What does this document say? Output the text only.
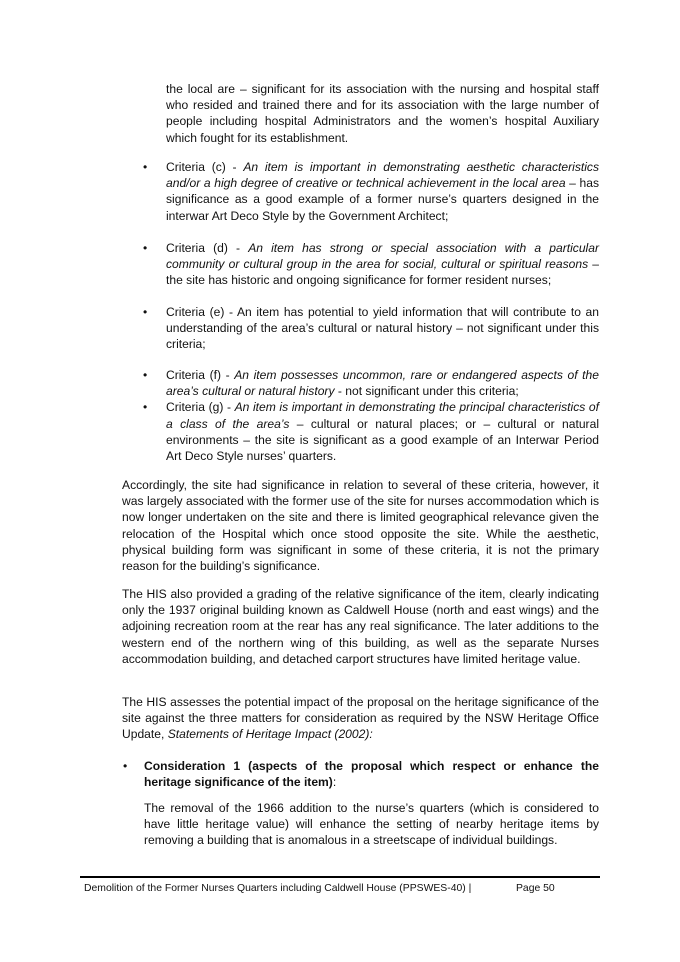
the local are – significant for its association with the nursing and hospital staff who resided and trained there and for its association with the large number of people including hospital Administrators and the women’s hospital Auxiliary which fought for its establishment.

• Criteria (c) - An item is important in demonstrating aesthetic characteristics and/or a high degree of creative or technical achievement in the local area – has significance as a good example of a former nurse’s quarters designed in the interwar Art Deco Style by the Government Architect;
• Criteria (d) - An item has strong or special association with a particular community or cultural group in the area for social, cultural or spiritual reasons – the site has historic and ongoing significance for former resident nurses;
• Criteria (e) - An item has potential to yield information that will contribute to an understanding of the area’s cultural or natural history – not significant under this criteria;
• Criteria (f) - An item possesses uncommon, rare or endangered aspects of the area’s cultural or natural history - not significant under this criteria;
• Criteria (g) - An item is important in demonstrating the principal characteristics of a class of the area’s – cultural or natural places; or – cultural or natural environments – the site is significant as a good example of an Interwar Period Art Deco Style nurses’ quarters.

Accordingly, the site had significance in relation to several of these criteria, however, it was largely associated with the former use of the site for nurses accommodation which is now longer undertaken on the site and there is limited geographical relevance given the relocation of the Hospital which once stood opposite the site. While the aesthetic, physical building form was significant in some of these criteria, it is not the primary reason for the building’s significance.

The HIS also provided a grading of the relative significance of the item, clearly indicating only the 1937 original building known as Caldwell House (north and east wings) and the adjoining recreation room at the rear has any real significance. The later additions to the western end of the northern wing of this building, as well as the separate Nurses accommodation building, and detached carport structures have limited heritage value.

The HIS assesses the potential impact of the proposal on the heritage significance of the site against the three matters for consideration as required by the NSW Heritage Office Update, Statements of Heritage Impact (2002):

• Consideration 1 (aspects of the proposal which respect or enhance the heritage significance of the item):
The removal of the 1966 addition to the nurse’s quarters (which is considered to have little heritage value) will enhance the setting of nearby heritage items by removing a building that is anomalous in a streetscape of individual buildings.
Demolition of the Former Nurses Quarters including Caldwell House (PPSWES-40) |	Page 50
